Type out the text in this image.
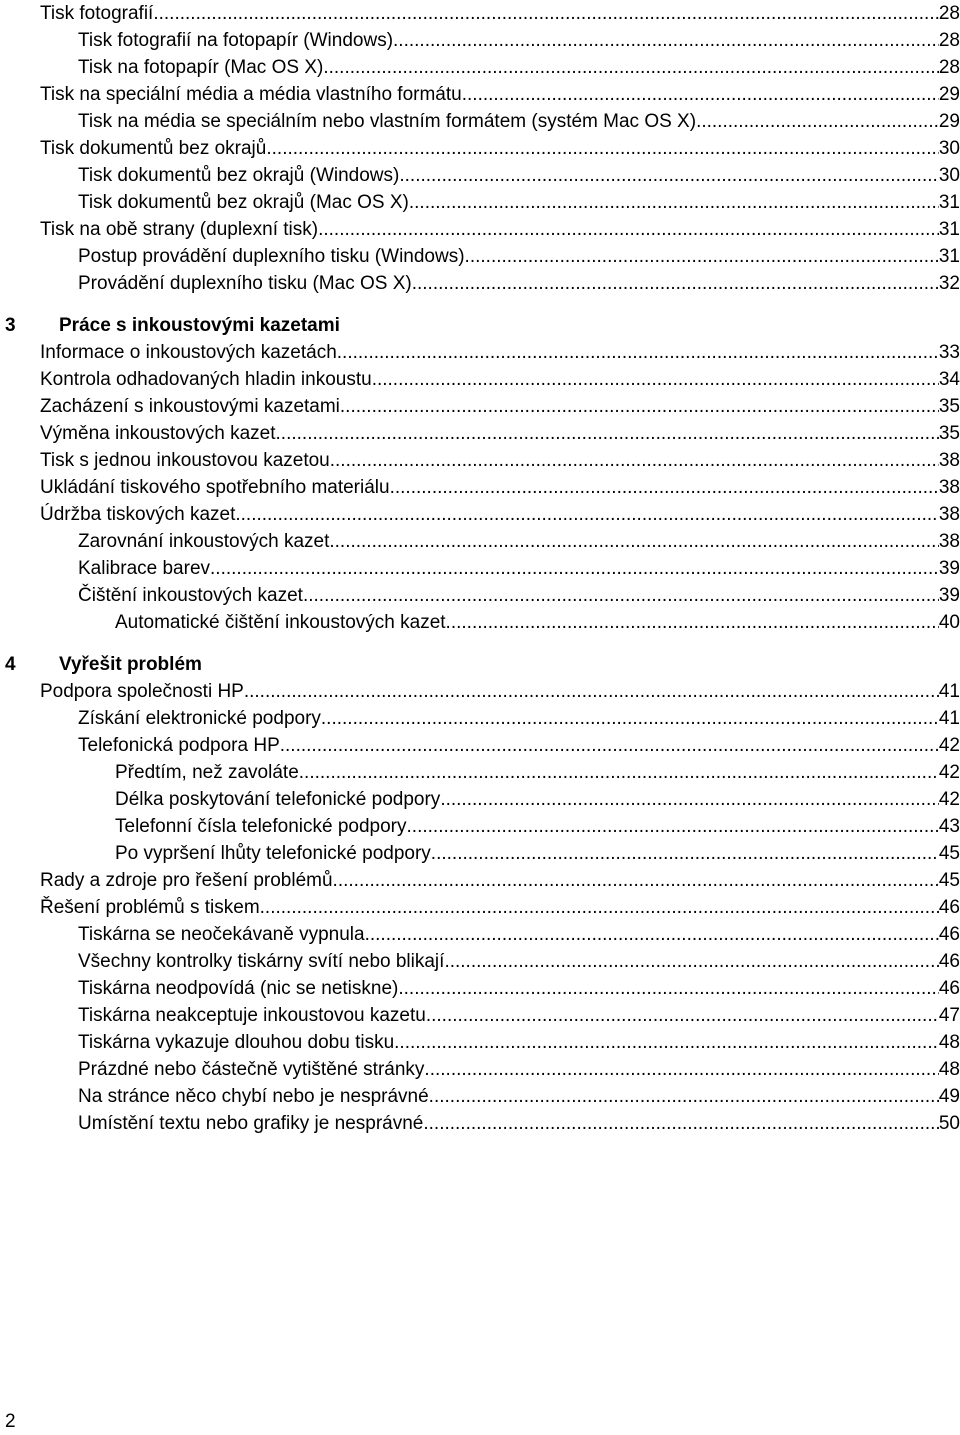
Tisk fotografií .....	28
Tisk fotografií na fotopapír (Windows) .....	28
Tisk na fotopapír (Mac OS X) .....	28
Tisk na speciální média a média vlastního formátu .....	29
Tisk na média se speciálním nebo vlastním formátem (systém Mac OS X) .....	29
Tisk dokumentů bez okrajů .....	30
Tisk dokumentů bez okrajů (Windows) .....	30
Tisk dokumentů bez okrajů (Mac OS X) .....	31
Tisk na obě strany (duplexní tisk) .....	31
Postup provádění duplexního tisku (Windows) .....	31
Provádění duplexního tisku (Mac OS X) .....	32
3	Práce s inkoustovými kazetami
Informace o inkoustových kazetách .....	33
Kontrola odhadovaných hladin inkoustu .....	34
Zacházení s inkoustovými kazetami .....	35
Výměna inkoustových kazet .....	35
Tisk s jednou inkoustovou kazetou .....	38
Ukládání tiskového spotřebního materiálu .....	38
Údržba tiskových kazet .....	38
Zarovnání inkoustových kazet .....	38
Kalibrace barev .....	39
Čištění inkoustových kazet .....	39
Automatické čištění inkoustových kazet .....	40
4	Vyřešit problém
Podpora společnosti HP .....	41
Získání elektronické podpory .....	41
Telefonická podpora HP .....	42
Předtím, než zavoláte .....	42
Délka poskytování telefonické podpory .....	42
Telefonní čísla telefonické podpory .....	43
Po vypršení lhůty telefonické podpory .....	45
Rady a zdroje pro řešení problémů .....	45
Řešení problémů s tiskem .....	46
Tiskárna se neočekávaně vypnula .....	46
Všechny kontrolky tiskárny svítí nebo blikají .....	46
Tiskárna neodpovídá (nic se netiskne) .....	46
Tiskárna neakceptuje inkoustovou kazetu .....	47
Tiskárna vykazuje dlouhou dobu tisku .....	48
Prázdné nebo částečně vytištěné stránky .....	48
Na stránce něco chybí nebo je nesprávné .....	49
Umístění textu nebo grafiky je nesprávné .....	50
2
